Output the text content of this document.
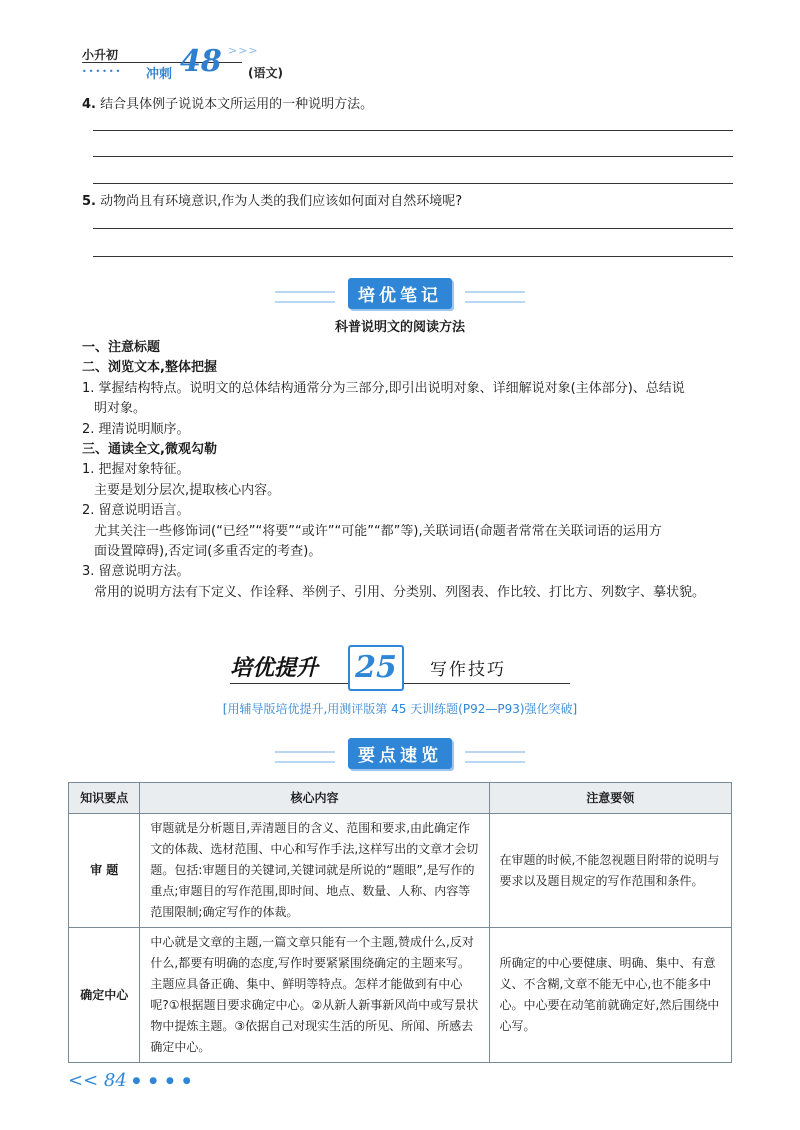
小升初
•••••• 冲刺 48 >>>
(语文)
4. 结合具体例子说说本文所运用的一种说明方法。
5. 动物尚且有环境意识,作为人类的我们应该如何面对自然环境呢?
培优笔记
科普说明文的阅读方法
一、注意标题
二、浏览文本,整体把握
1. 掌握结构特点。说明文的总体结构通常分为三部分,即引出说明对象、详细解说对象(主体部分)、总结说
明对象。
2. 理清说明顺序。
三、通读全文,微观勾勒
1. 把握对象特征。
主要是划分层次,提取核心内容。
2. 留意说明语言。
尤其关注一些修饰词(“已经”“将要”“或许”“可能”“都”等),关联词语(命题者常常在关联词语的运用方
面设置障碍),否定词(多重否定的考查)。
3. 留意说明方法。
常用的说明方法有下定义、作诠释、举例子、引用、分类别、列图表、作比较、打比方、列数字、摹状貌。
培优提升 25	写作技巧
[用辅导版培优提升,用测评版第 45 天训练题(P92—P93)强化突破]
要点速览
知识要点	核心内容	注意要领
审 题	审题就是分析题目,弄清题目的含义、范围和要求,由此确定作文的体裁、选材范围、中心和写作手法,这样写出的文章才会切题。包括:审题目的关键词,关键词就是所说的“题眼”,是写作的重点;审题目的写作范围,即时间、地点、数量、人称、内容等范围限制;确定写作的体裁。	在审题的时候,不能忽视题目附带的说明与要求以及题目规定的写作范围和条件。
确定中心	中心就是文章的主题,一篇文章只能有一个主题,赞成什么,反对什么,都要有明确的态度,写作时要紧紧围绕确定的主题来写。主题应具备正确、集中、鲜明等特点。怎样才能做到有中心呢?①根据题目要求确定中心。②从新人新事新风尚中或写景状物中提炼主题。③依据自己对现实生活的所见、所闻、所感去确定中心。	所确定的中心要健康、明确、集中、有意义、不含糊,文章不能无中心,也不能多中心。中心要在动笔前就确定好,然后围绕中心写。
<< 84 ● ● ● ●
